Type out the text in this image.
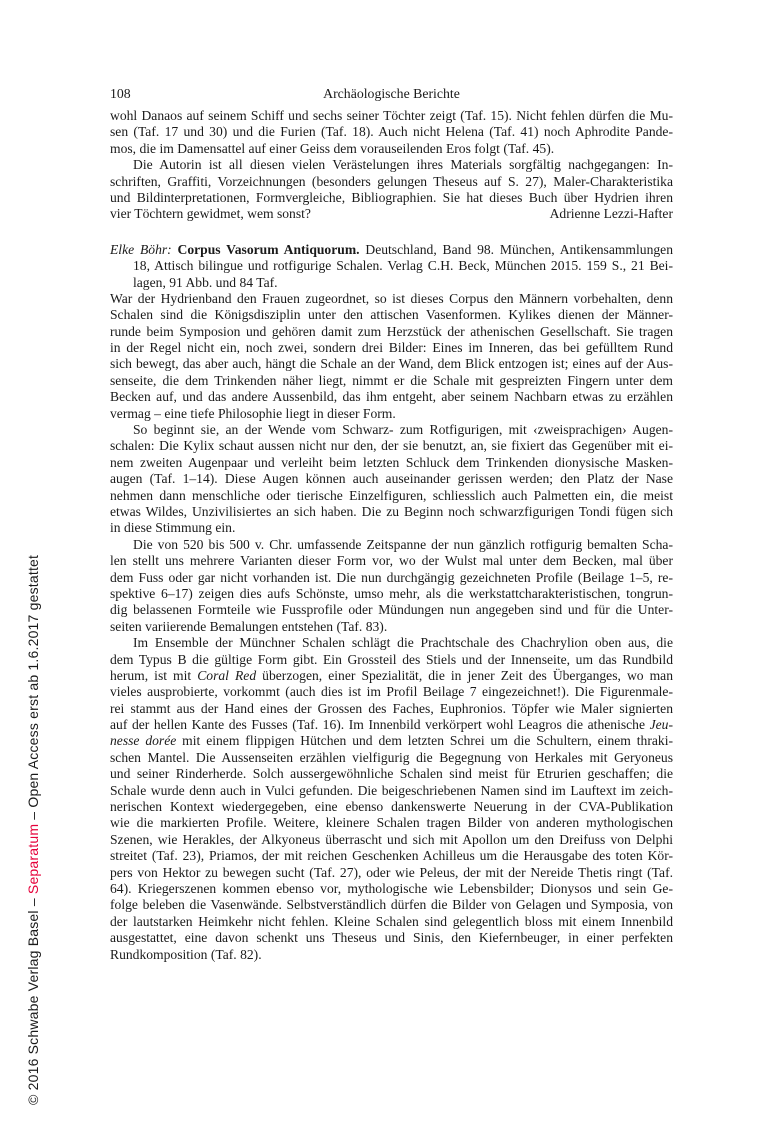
108	Archäologische Berichte
wohl Danaos auf seinem Schiff und sechs seiner Töchter zeigt (Taf. 15). Nicht fehlen dürfen die Mu-
sen (Taf. 17 und 30) und die Furien (Taf. 18). Auch nicht Helena (Taf. 41) noch Aphrodite Pande-
mos, die im Damensattel auf einer Geiss dem vorauseilenden Eros folgt (Taf. 45).
Die Autorin ist all diesen vielen Verästelungen ihres Materials sorgfältig nachgegangen: In-
schriften, Graffiti, Vorzeichnungen (besonders gelungen Theseus auf S. 27), Maler-Charakteristika
und Bildinterpretationen, Formvergleiche, Bibliographien. Sie hat dieses Buch über Hydrien ihren
vier Töchtern gewidmet, wem sonst?	Adrienne Lezzi-Hafter
Elke Böhr: Corpus Vasorum Antiquorum. Deutschland, Band 98. München, Antikensammlungen
18, Attisch bilingue und rotfigurige Schalen. Verlag C.H. Beck, München 2015. 159 S., 21 Bei-
lagen, 91 Abb. und 84 Taf.
War der Hydrienband den Frauen zugeordnet, so ist dieses Corpus den Männern vorbehalten, denn
Schalen sind die Königsdisziplin unter den attischen Vasenformen. Kylikes dienen der Männer-
runde beim Symposion und gehören damit zum Herzstück der athenischen Gesellschaft. Sie tragen
in der Regel nicht ein, noch zwei, sondern drei Bilder: Eines im Inneren, das bei gefülltem Rund
sich bewegt, das aber auch, hängt die Schale an der Wand, dem Blick entzogen ist; eines auf der Aus-
senseite, die dem Trinkenden näher liegt, nimmt er die Schale mit gespreizten Fingern unter dem
Becken auf, und das andere Aussenbild, das ihm entgeht, aber seinem Nachbarn etwas zu erzählen
vermag – eine tiefe Philosophie liegt in dieser Form.
So beginnt sie, an der Wende vom Schwarz- zum Rotfigurigen, mit ‹zweisprachigen› Augen-
schalen: Die Kylix schaut aussen nicht nur den, der sie benutzt, an, sie fixiert das Gegenüber mit ei-
nem zweiten Augenpaar und verleiht beim letzten Schluck dem Trinkenden dionysische Masken-
augen (Taf. 1–14). Diese Augen können auch auseinander gerissen werden; den Platz der Nase
nehmen dann menschliche oder tierische Einzelfiguren, schliesslich auch Palmetten ein, die meist
etwas Wildes, Unzivilisiertes an sich haben. Die zu Beginn noch schwarzfigurigen Tondi fügen sich
in diese Stimmung ein.
Die von 520 bis 500 v. Chr. umfassende Zeitspanne der nun gänzlich rotfigurig bemalten Scha-
len stellt uns mehrere Varianten dieser Form vor, wo der Wulst mal unter dem Becken, mal über
dem Fuss oder gar nicht vorhanden ist. Die nun durchgängig gezeichneten Profile (Beilage 1–5, re-
spektive 6–17) zeigen dies aufs Schönste, umso mehr, als die werkstattcharakteristischen, tongrun-
dig belassenen Formteile wie Fussprofile oder Mündungen nun angegeben sind und für die Unter-
seiten variierende Bemalungen entstehen (Taf. 83).
Im Ensemble der Münchner Schalen schlägt die Prachtschale des Chachrylion oben aus, die
dem Typus B die gültige Form gibt. Ein Grossteil des Stiels und der Innenseite, um das Rundbild
herum, ist mit Coral Red überzogen, einer Spezialität, die in jener Zeit des Überganges, wo man
vieles ausprobierte, vorkommt (auch dies ist im Profil Beilage 7 eingezeichnet!). Die Figurenmale-
rei stammt aus der Hand eines der Grossen des Faches, Euphronios. Töpfer wie Maler signierten
auf der hellen Kante des Fusses (Taf. 16). Im Innenbild verkörpert wohl Leagros die athenische Jeu-
nesse dorée mit einem flippigen Hütchen und dem letzten Schrei um die Schultern, einem thraki-
schen Mantel. Die Aussenseiten erzählen vielfigurig die Begegnung von Herkales mit Geryoneus
und seiner Rinderherde. Solch aussergewöhnliche Schalen sind meist für Etrurien geschaffen; die
Schale wurde denn auch in Vulci gefunden. Die beigeschriebenen Namen sind im Lauftext im zeich-
nerischen Kontext wiedergegeben, eine ebenso dankenswerte Neuerung in der CVA-Publikation
wie die markierten Profile. Weitere, kleinere Schalen tragen Bilder von anderen mythologischen
Szenen, wie Herakles, der Alkyoneus überrascht und sich mit Apollon um den Dreifuss von Delphi
streitet (Taf. 23), Priamos, der mit reichen Geschenken Achilleus um die Herausgabe des toten Kör-
pers von Hektor zu bewegen sucht (Taf. 27), oder wie Peleus, der mit der Nereide Thetis ringt (Taf.
64). Kriegerszenen kommen ebenso vor, mythologische wie Lebensbilder; Dionysos und sein Ge-
folge beleben die Vasenwände. Selbstverständlich dürfen die Bilder von Gelagen und Symposia, von
der lautstarken Heimkehr nicht fehlen. Kleine Schalen sind gelegentlich bloss mit einem Innenbild
ausgestattet, eine davon schenkt uns Theseus und Sinis, den Kiefernbeuger, in einer perfekten
Rundkomposition (Taf. 82).
© 2016 Schwabe Verlag Basel – Separatum – Open Access erst ab 1.6.2017 gestattet
